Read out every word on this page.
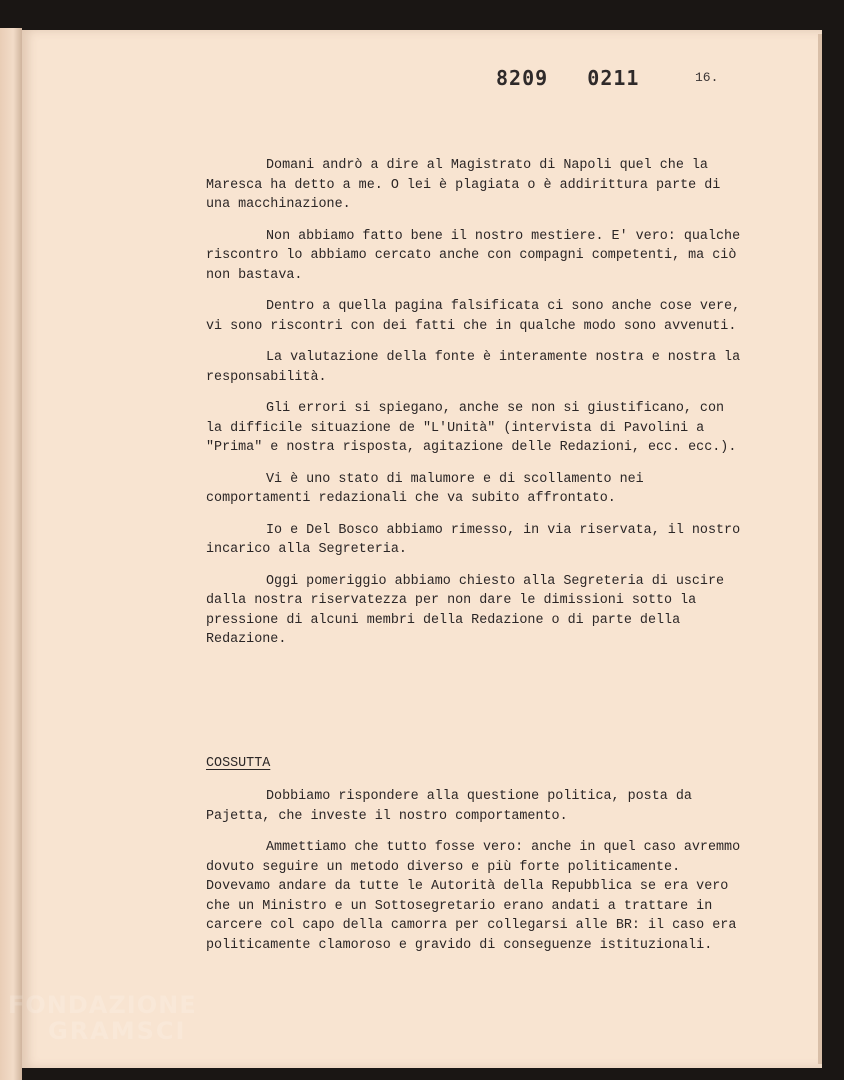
8209   0211	16.

Domani andrò a dire al Magistrato di Napoli quel che la Maresca ha detto a me. O lei è plagiata o è addirittura parte di una macchinazione.

Non abbiamo fatto bene il nostro mestiere. E' vero: qualche riscontro lo abbiamo cercato anche con compagni competenti, ma ciò non bastava.

Dentro a quella pagina falsificata ci sono anche cose vere, vi sono riscontri con dei fatti che in qualche modo sono avvenuti.

La valutazione della fonte è interamente nostra e nostra la responsabilità.

Gli errori si spiegano, anche se non si giustificano, con la difficile situazione de "L'Unità" (intervista di Pavolini a "Prima" e nostra risposta, agitazione delle Redazioni, ecc. ecc.).

Vi è uno stato di malumore e di scollamento nei comportamenti redazionali che va subito affrontato.

Io e Del Bosco abbiamo rimesso, in via riservata, il nostro incarico alla Segreteria.

Oggi pomeriggio abbiamo chiesto alla Segreteria di uscire dalla nostra riservatezza per non dare le dimissioni sotto la pressione di alcuni membri della Redazione o di parte della Redazione.

COSSUTTA

Dobbiamo rispondere alla questione politica, posta da Pajetta, che investe il nostro comportamento.

Ammettiamo che tutto fosse vero: anche in quel caso avremmo dovuto seguire un metodo diverso e più forte politicamente. Dovevamo andare da tutte le Autorità della Repubblica se era vero che un Ministro e un Sottosegretario erano andati a trattare in carcere col capo della camorra per collegarsi alle BR: il caso era politicamente clamoroso e gravido di conseguenze istituzionali.

FONDAZIONE
GRAMSCI
